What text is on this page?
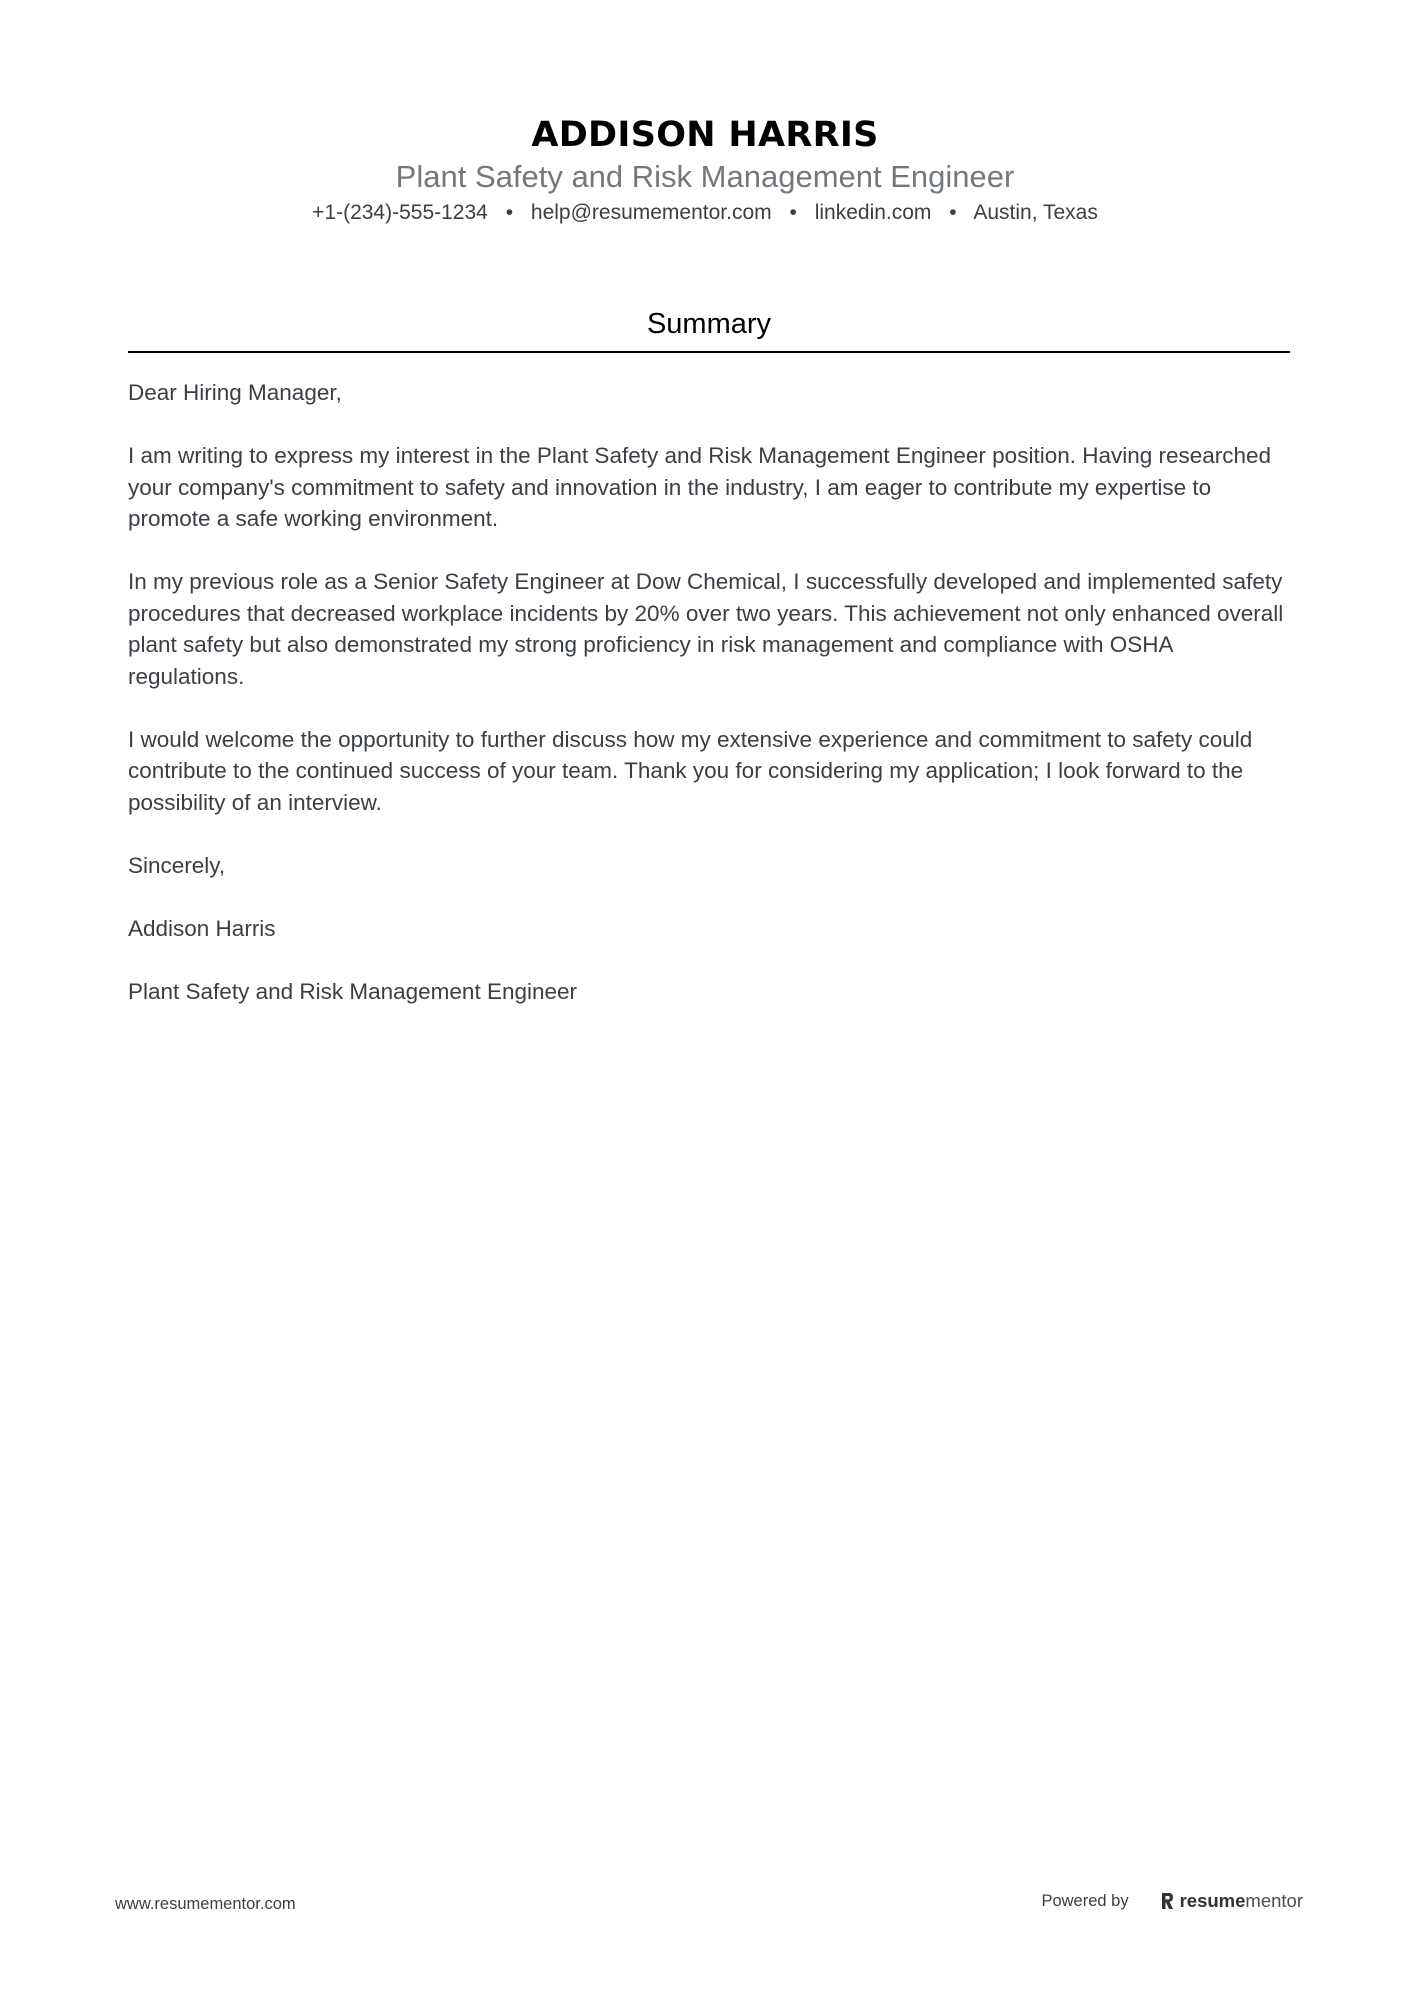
ADDISON HARRIS
Plant Safety and Risk Management Engineer
+1-(234)-555-1234 • help@resumementor.com • linkedin.com • Austin, Texas
Summary

Dear Hiring Manager,

I am writing to express my interest in the Plant Safety and Risk Management Engineer position. Having researched your company's commitment to safety and innovation in the industry, I am eager to contribute my expertise to promote a safe working environment.

In my previous role as a Senior Safety Engineer at Dow Chemical, I successfully developed and implemented safety procedures that decreased workplace incidents by 20% over two years. This achievement not only enhanced overall plant safety but also demonstrated my strong proficiency in risk management and compliance with OSHA regulations.

I would welcome the opportunity to further discuss how my extensive experience and commitment to safety could contribute to the continued success of your team. Thank you for considering my application; I look forward to the possibility of an interview.

Sincerely,

Addison Harris

Plant Safety and Risk Management Engineer

www.resumementor.com	Powered by	resume mentor
